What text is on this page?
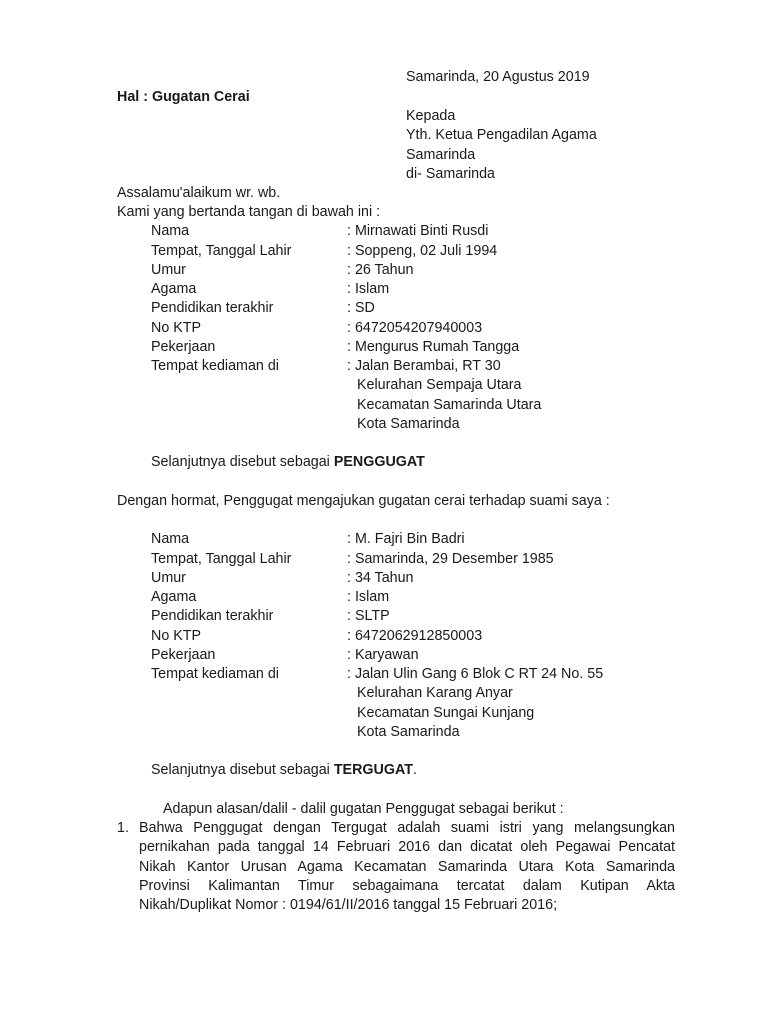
Samarinda, 20 Agustus 2019
Hal : Gugatan Cerai
Kepada
Yth. Ketua Pengadilan Agama
Samarinda
di- Samarinda
Assalamu'alaikum wr. wb.
Kami yang bertanda tangan di bawah ini :
Nama	: Mirnawati Binti Rusdi
Tempat, Tanggal Lahir	: Soppeng, 02 Juli 1994
Umur	: 26 Tahun
Agama	: Islam
Pendidikan terakhir	: SD
No KTP	: 6472054207940003
Pekerjaan	: Mengurus Rumah Tangga
Tempat kediaman di	: Jalan Berambai, RT 30
Kelurahan Sempaja Utara
Kecamatan Samarinda Utara
Kota Samarinda
Selanjutnya disebut sebagai PENGGUGAT
Dengan hormat, Penggugat mengajukan gugatan cerai terhadap suami saya :
Nama	: M. Fajri Bin Badri
Tempat, Tanggal Lahir	: Samarinda, 29 Desember 1985
Umur	: 34 Tahun
Agama	: Islam
Pendidikan terakhir	: SLTP
No KTP	: 6472062912850003
Pekerjaan	: Karyawan
Tempat kediaman di	: Jalan Ulin Gang 6 Blok C RT 24 No. 55
Kelurahan Karang Anyar
Kecamatan Sungai Kunjang
Kota Samarinda
Selanjutnya disebut sebagai TERGUGAT.
Adapun alasan/dalil - dalil gugatan Penggugat sebagai berikut :
1. Bahwa Penggugat dengan Tergugat adalah suami istri yang melangsungkan
pernikahan pada tanggal 14 Februari 2016 dan dicatat oleh Pegawai Pencatat
Nikah Kantor Urusan Agama Kecamatan Samarinda Utara Kota Samarinda
Provinsi Kalimantan Timur sebagaimana tercatat dalam Kutipan Akta
Nikah/Duplikat Nomor : 0194/61/II/2016 tanggal 15 Februari 2016;
